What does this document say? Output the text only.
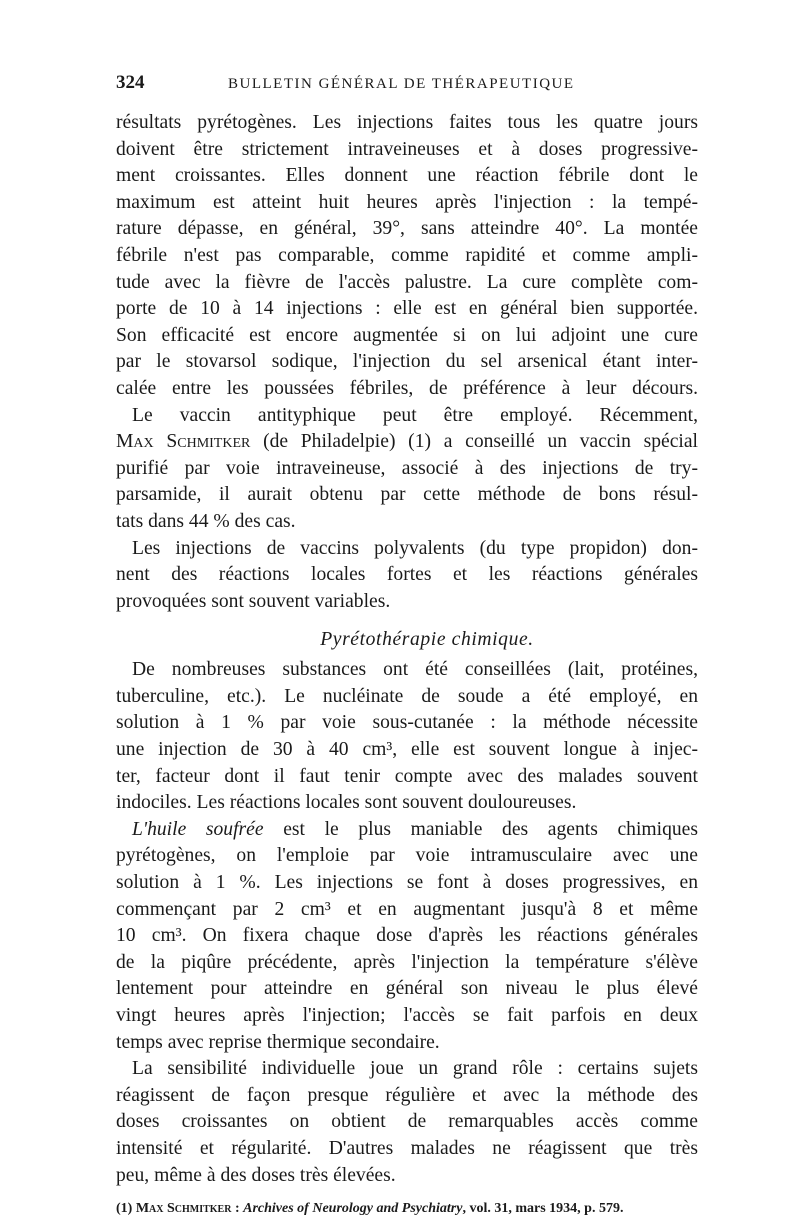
324	BULLETIN GÉNÉRAL DE THÉRAPEUTIQUE
résultats pyrétogènes. Les injections faites tous les quatre jours
doivent être strictement intraveineuses et à doses progressive-
ment croissantes. Elles donnent une réaction fébrile dont le
maximum est atteint huit heures après l'injection : la tempé-
rature dépasse, en général, 39°, sans atteindre 40°. La montée
fébrile n'est pas comparable, comme rapidité et comme ampli-
tude avec la fièvre de l'accès palustre. La cure complète com-
porte de 10 à 14 injections : elle est en général bien supportée.
Son efficacité est encore augmentée si on lui adjoint une cure
par le stovarsol sodique, l'injection du sel arsenical étant inter-
calée entre les poussées fébriles, de préférence à leur décours.
Le vaccin antityphique peut être employé. Récemment,
Max Schmitker (de Philadelpie) (1) a conseillé un vaccin spécial
purifié par voie intraveineuse, associé à des injections de try-
parsamide, il aurait obtenu par cette méthode de bons résul-
tats dans 44 % des cas.
Les injections de vaccins polyvalents (du type propidon) don-
nent des réactions locales fortes et les réactions générales
provoquées sont souvent variables.
Pyrétothérapie chimique.
De nombreuses substances ont été conseillées (lait, protéines,
tuberculine, etc.). Le nucléinate de soude a été employé, en
solution à 1 % par voie sous-cutanée : la méthode nécessite
une injection de 30 à 40 cm³, elle est souvent longue à injec-
ter, facteur dont il faut tenir compte avec des malades souvent
indociles. Les réactions locales sont souvent douloureuses.
L'huile soufrée est le plus maniable des agents chimiques
pyrétogènes, on l'emploie par voie intramusculaire avec une
solution à 1 %. Les injections se font à doses progressives, en
commençant par 2 cm³ et en augmentant jusqu'à 8 et même
10 cm³. On fixera chaque dose d'après les réactions générales
de la piqûre précédente, après l'injection la température s'élève
lentement pour atteindre en général son niveau le plus élevé
vingt heures après l'injection; l'accès se fait parfois en deux
temps avec reprise thermique secondaire.
La sensibilité individuelle joue un grand rôle : certains sujets
réagissent de façon presque régulière et avec la méthode des
doses croissantes on obtient de remarquables accès comme
intensité et régularité. D'autres malades ne réagissent que très
peu, même à des doses très élevées.
(1) Max Schmitker : Archives of Neurology and Psychiatry, vol. 31, mars 1934, p. 579.
